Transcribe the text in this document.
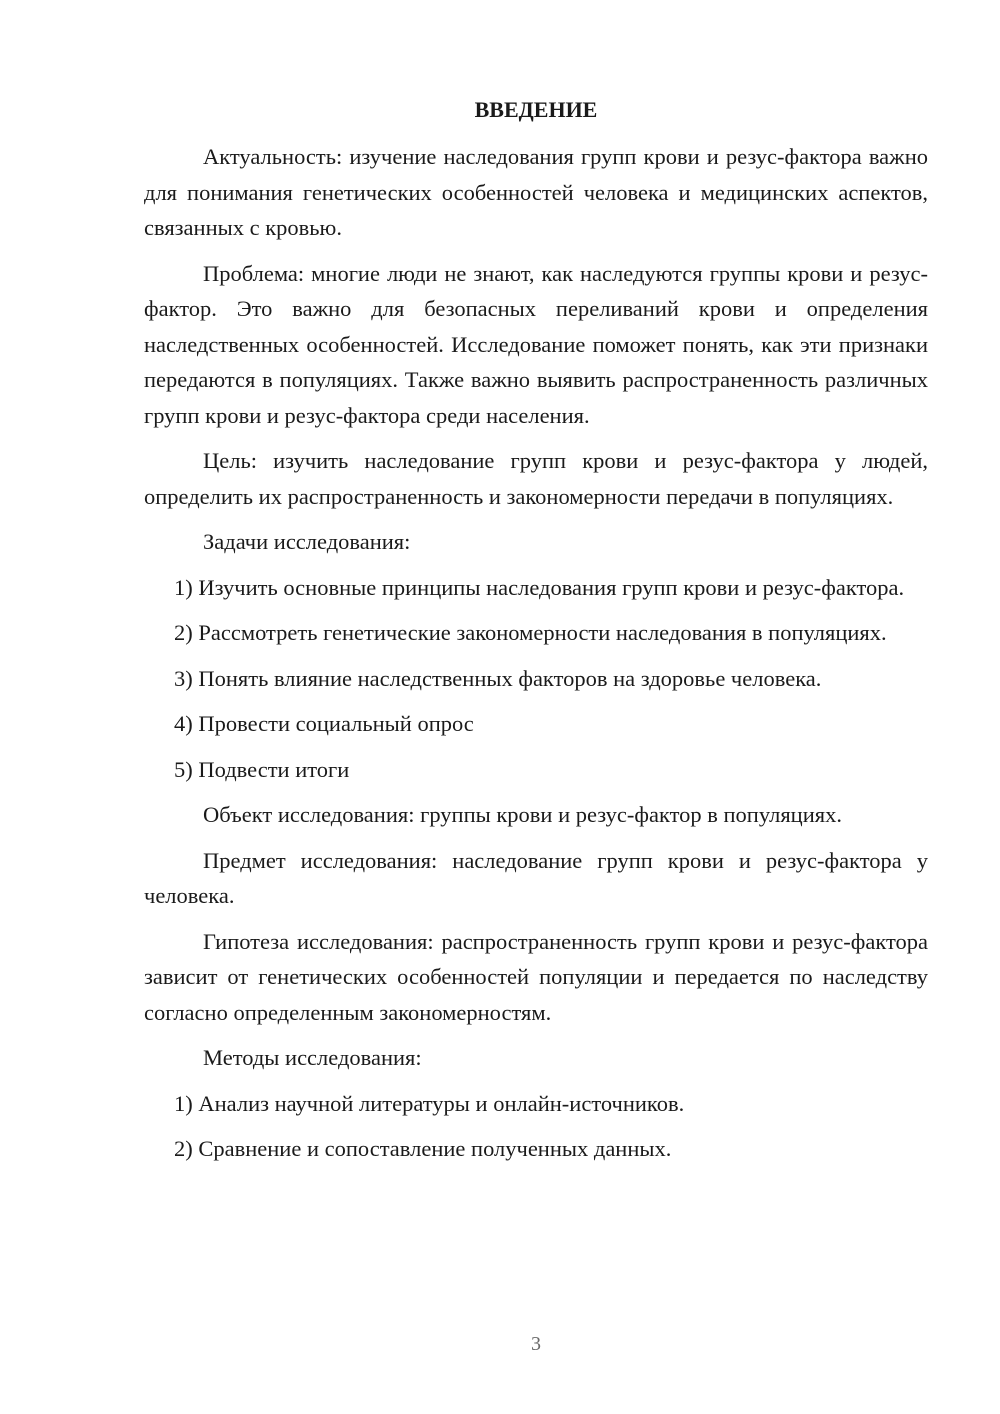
ВВЕДЕНИЕ

Актуальность: изучение наследования групп крови и резус-фактора важно для понимания генетических особенностей человека и медицинских аспектов, связанных с кровью.

Проблема: многие люди не знают, как наследуются группы крови и резус-фактор. Это важно для безопасных переливаний крови и определения наследственных особенностей. Исследование поможет понять, как эти признаки передаются в популяциях. Также важно выявить распространенность различных групп крови и резус-фактора среди населения.

Цель: изучить наследование групп крови и резус-фактора у людей, определить их распространенность и закономерности передачи в популяциях.

Задачи исследования:

1) Изучить основные принципы наследования групп крови и резус-фактора.

2) Рассмотреть генетические закономерности наследования в популяциях.

3) Понять влияние наследственных факторов на здоровье человека.

4) Провести социальный опрос

5) Подвести итоги

Объект исследования: группы крови и резус-фактор в популяциях.

Предмет исследования: наследование групп крови и резус-фактора у человека.

Гипотеза исследования: распространенность групп крови и резус-фактора зависит от генетических особенностей популяции и передается по наследству согласно определенным закономерностям.

Методы исследования:

1) Анализ научной литературы и онлайн-источников.

2) Сравнение и сопоставление полученных данных.

3
